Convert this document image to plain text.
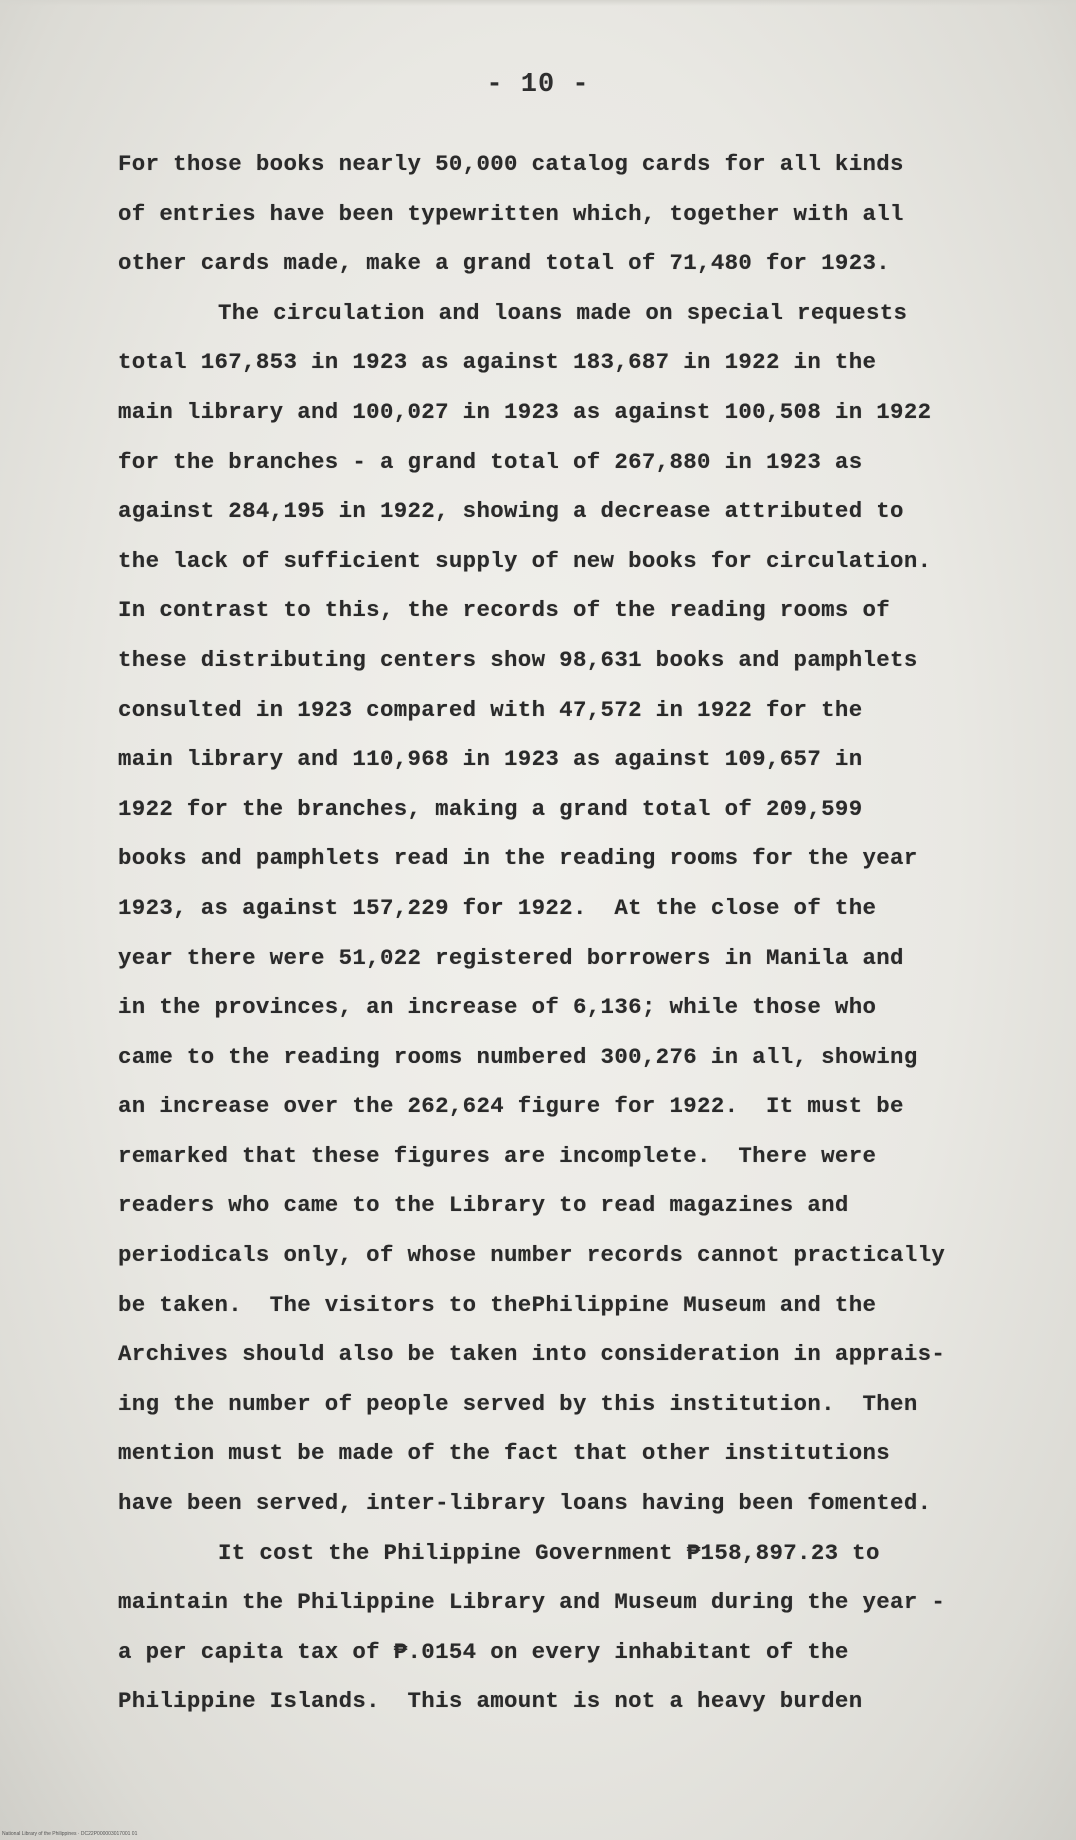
- 10 -
For those books nearly 50,000 catalog cards for all kinds
of entries have been typewritten which, together with all
other cards made, make a grand total of 71,480 for 1923.
The circulation and loans made on special requests
total 167,853 in 1923 as against 183,687 in 1922 in the
main library and 100,027 in 1923 as against 100,508 in 1922
for the branches - a grand total of 267,880 in 1923 as
against 284,195 in 1922, showing a decrease attributed to
the lack of sufficient supply of new books for circulation.
In contrast to this, the records of the reading rooms of
these distributing centers show 98,631 books and pamphlets
consulted in 1923 compared with 47,572 in 1922 for the
main library and 110,968 in 1923 as against 109,657 in
1922 for the branches, making a grand total of 209,599
books and pamphlets read in the reading rooms for the year
1923, as against 157,229 for 1922.  At the close of the
year there were 51,022 registered borrowers in Manila and
in the provinces, an increase of 6,136; while those who
came to the reading rooms numbered 300,276 in all, showing
an increase over the 262,624 figure for 1922.  It must be
remarked that these figures are incomplete.  There were
readers who came to the Library to read magazines and
periodicals only, of whose number records cannot practically
be taken.  The visitors to thePhilippine Museum and the
Archives should also be taken into consideration in apprais-
ing the number of people served by this institution.  Then
mention must be made of the fact that other institutions
have been served, inter-library loans having been fomented.
It cost the Philippine Government ₱158,897.23 to
maintain the Philippine Library and Museum during the year -
a per capita tax of ₱.0154 on every inhabitant of the
Philippine Islands.  This amount is not a heavy burden
National Library of the Philippines · DC22P000003017001 01
